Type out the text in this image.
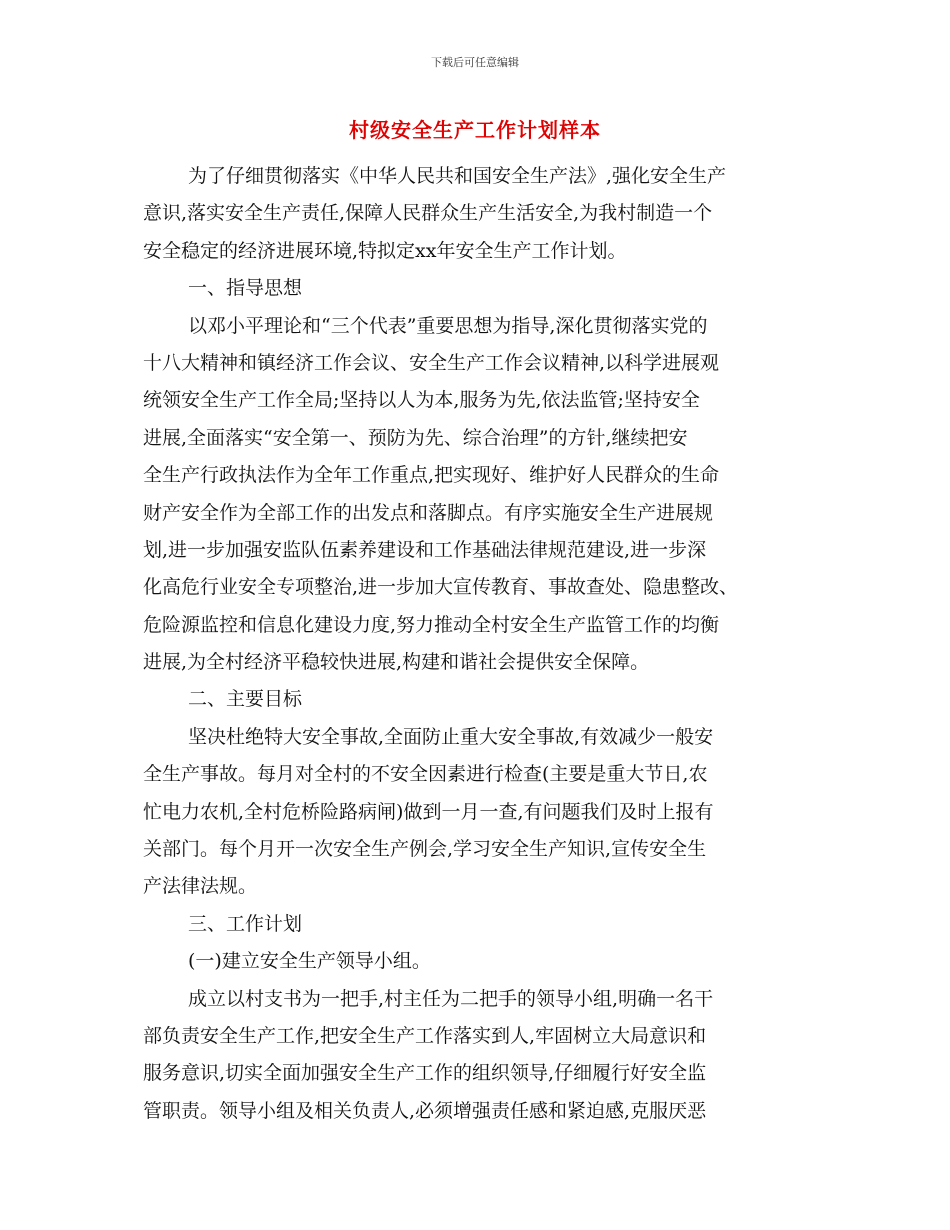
下载后可任意编辑
村级安全生产工作计划样本
为了仔细贯彻落实《中华人民共和国安全生产法》,强化安全生产
意识,落实安全生产责任,保障人民群众生产生活安全,为我村制造一个
安全稳定的经济进展环境,特拟定xx年安全生产工作计划。
一、指导思想
以邓小平理论和“三个代表”重要思想为指导,深化贯彻落实党的
十八大精神和镇经济工作会议、安全生产工作会议精神,以科学进展观
统领安全生产工作全局;坚持以人为本,服务为先,依法监管;坚持安全
进展,全面落实“安全第一、预防为先、综合治理”的方针,继续把安
全生产行政执法作为全年工作重点,把实现好、维护好人民群众的生命
财产安全作为全部工作的出发点和落脚点。有序实施安全生产进展规
划,进一步加强安监队伍素养建设和工作基础法律规范建设,进一步深
化高危行业安全专项整治,进一步加大宣传教育、事故查处、隐患整改、
危险源监控和信息化建设力度,努力推动全村安全生产监管工作的均衡
进展,为全村经济平稳较快进展,构建和谐社会提供安全保障。
二、主要目标
坚决杜绝特大安全事故,全面防止重大安全事故,有效减少一般安
全生产事故。每月对全村的不安全因素进行检查(主要是重大节日,农
忙电力农机,全村危桥险路病闸)做到一月一查,有问题我们及时上报有
关部门。每个月开一次安全生产例会,学习安全生产知识,宣传安全生
产法律法规。
三、工作计划
(一)建立安全生产领导小组。
成立以村支书为一把手,村主任为二把手的领导小组,明确一名干
部负责安全生产工作,把安全生产工作落实到人,牢固树立大局意识和
服务意识,切实全面加强安全生产工作的组织领导,仔细履行好安全监
管职责。领导小组及相关负责人,必须增强责任感和紧迫感,克服厌恶
